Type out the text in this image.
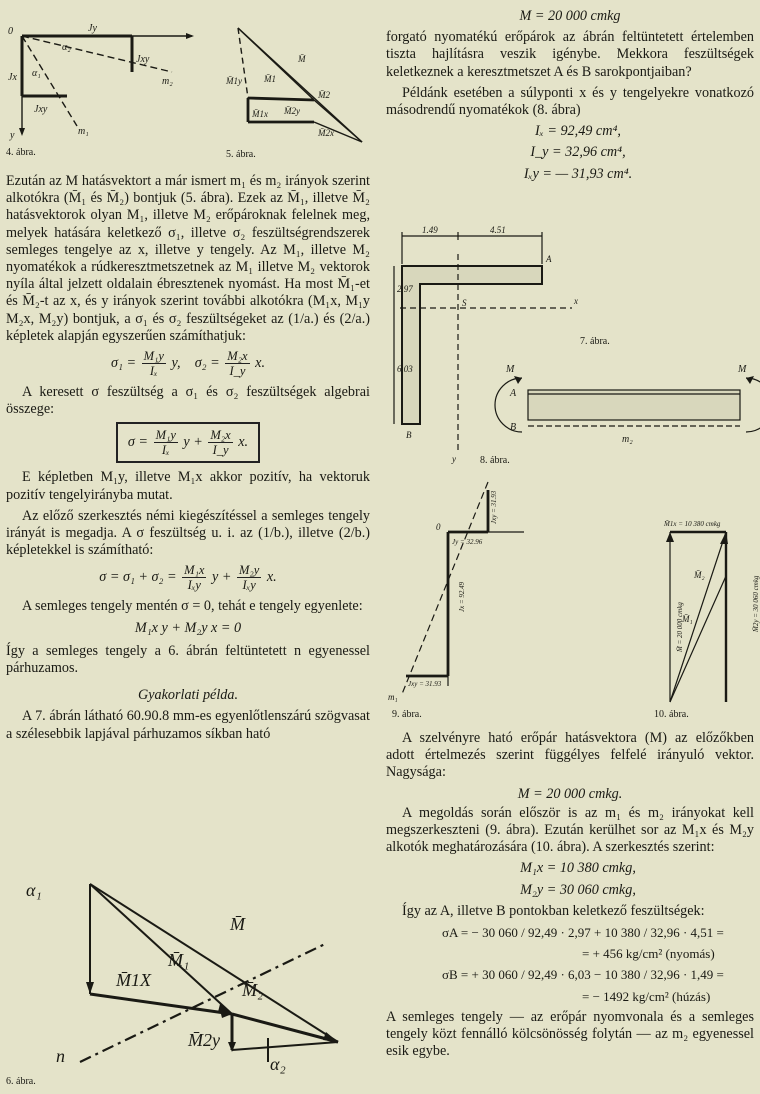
0	Jy
Jxy
α₂
Jx α₁
Jxy
m₂
m₁
y
4. ábra.
M̄
M̄1y M̄1
M̄2
M̄1x M̄2y
M̄2x
5. ábra.

Ezután az M hatásvektort a már ismert m₁ és m₂ irányok szerint alkotókra (M̄₁ és M̄₂) bontjuk (5. ábra). Ezek az M̄₁, illetve M̄₂ hatásvektorok olyan M₁, illetve M₂ erőpároknak felelnek meg, melyek hatására keletkező σ₁, illetve σ₂ feszültségrendszerek semleges tengelye az x, illetve y tengely. Az M₁, illetve M₂ nyomatékok a rúdkeresztmetszetnek az M₁ illetve M₂ vektorok nyíla által jelzett oldalain ébresztenek nyomást. Ha most M̄₁-et és M̄₂-t az x, és y irányok szerint további alkotókra (M₁x, M₁y M₂x, M₂y) bontjuk, a σ₁ és σ₂ feszültségeket az (1/a.) és (2/a.) képletek alapján egyszerűen számíthatjuk:

$\sigma_1 = \frac{\text{M₁y}}{\text{Iₓ}} y$, $\sigma_2 = \frac{\text{M₂x}}{I\_y} x$.

A keresett σ feszültség a σ₁ és σ₂ feszültségek algebrai összege:

$\sigma = \frac{\text{M₁y}}{\text{Iₓ}}$ $y + \frac{\text{M₂x}}{I\_y} x$.

E képletben M₁y, illetve M₁x akkor pozitív, ha vektoruk pozitív tengelyirányba mutat.

Az előző szerkesztés némi kiegészítéssel a semleges tengely irányát is megadja. A σ feszültség u. i. az (1/b.), illetve (2/b.) képletekkel is számítható:

$\sigma = \sigma_1 + \sigma_2 = \frac{\text{M₁x}}{\text{Iₓy}}$ $y + \frac{\text{M₂y}}{\text{Iₓy}} x$.

A semleges tengely mentén σ = 0, tehát e tengely egyenlete:

M₁x y + M₂y x = 0

Így a semleges tengely a 6. ábrán feltüntetett n egyenessel párhuzamos.

Gyakorlati példa.

A 7. ábrán látható 60.90.8 mm-es egyenlőtlenszárú szögvasat a szélesebbik lapjával párhuzamos síkban ható

α₁
M̄
M̄₁
M̄1X	M̄₂
M̄2y
n	α₂
6. ábra.
M = 20 000 cmkg

forgató nyomatékú erőpárok az ábrán feltüntetett értelemben tiszta hajlításra veszik igénybe. Mekkora feszültségek keletkeznek a keresztmetszet A és B sarokpontjaiban?

Példánk esetében a súlyponti x és y tengelyekre vonatkozó másodrendű nyomatékok (8. ábra)

Iₓ = 92,49 cm⁴,

I_y = 32,96 cm⁴,

Iₓy = — 31,93 cm⁴.

1.49	4.51
A
2.97
S	x
6.03
B
y
7. ábra.
M	M
A
B
m₂
8. ábra.
Jxy = 31.93
0
Jy = 32.96
Jx = 92.49
Jxy = 31.93
m₁
9. ábra.
M̄1x = 10 380 cmkg
M̄ = 20 000 cmkg	M̄2y = 30 060 cmkg
M̄₂
M̄₁
10. ábra.

A szelvényre ható erőpár hatásvektora (M) az előzőkben adott értelmezés szerint függélyes felfelé irányuló vektor. Nagysága:

M = 20 000 cmkg.

A megoldás során először is az m₁ és m₂ irányokat kell megszerkeszteni (9. ábra). Ezután kerülhet sor az M₁x és M₂y alkotók meghatározására (10. ábra). A szerkesztés szerint:

M₁x = 10 380 cmkg,

M₂y = 30 060 cmkg,

Így az A, illetve B pontokban keletkező feszültségek:

σA = − 30 060 / 92,49 · 2,97 + 10 380 / 32,96 · 4,51 =

= + 456 kg/cm² (nyomás)

σB = + 30 060 / 92,49 · 6,03 − 10 380 / 32,96 · 1,49 =

= − 1492 kg/cm² (húzás)

A semleges tengely — az erőpár nyomvonala és a semleges tengely közt fennálló kölcsönösség folytán — az m₂ egyenessel esik egybe.
